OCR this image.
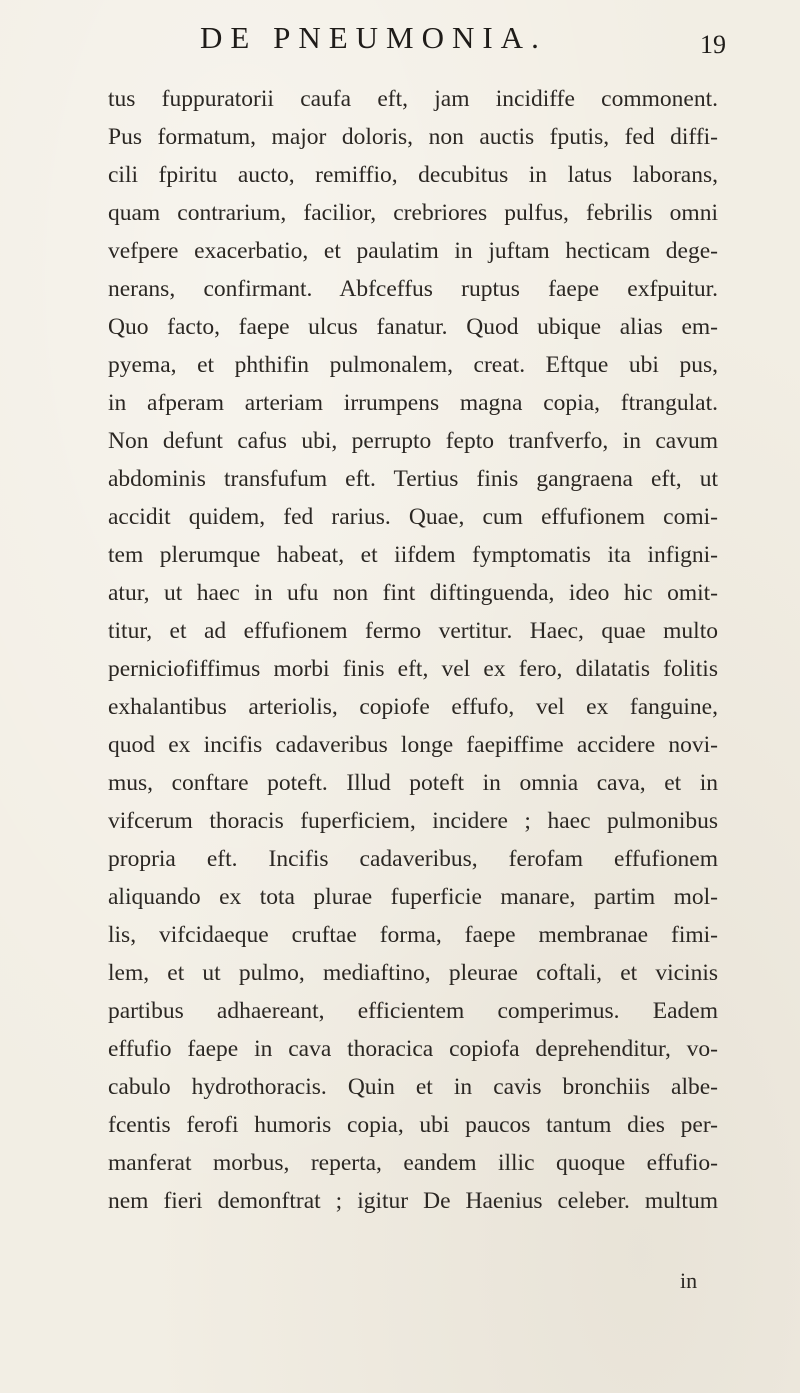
DE PNEUMONIA.	19
tus fuppuratorii caufa eft, jam incidiffe commonent.
Pus formatum, major doloris, non auctis fputis, fed diffi-
cili fpiritu aucto, remiffio, decubitus in latus laborans,
quam contrarium, facilior, crebriores pulfus, febrilis omni
vefpere exacerbatio, et paulatim in juftam hecticam dege-
nerans, confirmant. Abfceffus ruptus faepe exfpuitur.
Quo facto, faepe ulcus fanatur. Quod ubique alias em-
pyema, et phthifin pulmonalem, creat. Eftque ubi pus,
in afperam arteriam irrumpens magna copia, ftrangulat.
Non defunt cafus ubi, perrupto fepto tranfverfo, in cavum
abdominis transfufum eft. Tertius finis gangraena eft, ut
accidit quidem, fed rarius. Quae, cum effufionem comi-
tem plerumque habeat, et iifdem fymptomatis ita infigni-
atur, ut haec in ufu non fint diftinguenda, ideo hic omit-
titur, et ad effufionem fermo vertitur. Haec, quae multo
perniciofiffimus morbi finis eft, vel ex fero, dilatatis folitis
exhalantibus arteriolis, copiofe effufo, vel ex fanguine,
quod ex incifis cadaveribus longe faepiffime accidere novi-
mus, conftare poteft. Illud poteft in omnia cava, et in
vifcerum thoracis fuperficiem, incidere ; haec pulmonibus
propria eft. Incifis cadaveribus, ferofam effufionem
aliquando ex tota plurae fuperficie manare, partim mol-
lis, vifcidaeque cruftae forma, faepe membranae fimi-
lem, et ut pulmo, mediaftino, pleurae coftali, et vicinis
partibus adhaereant, efficientem comperimus. Eadem
effufio faepe in cava thoracica copiofa deprehenditur, vo-
cabulo hydrothoracis. Quin et in cavis bronchiis albe-
fcentis ferofi humoris copia, ubi paucos tantum dies per-
manferat morbus, reperta, eandem illic quoque effufio-
nem fieri demonftrat ; igitur De Haenius celeber. multum
in
